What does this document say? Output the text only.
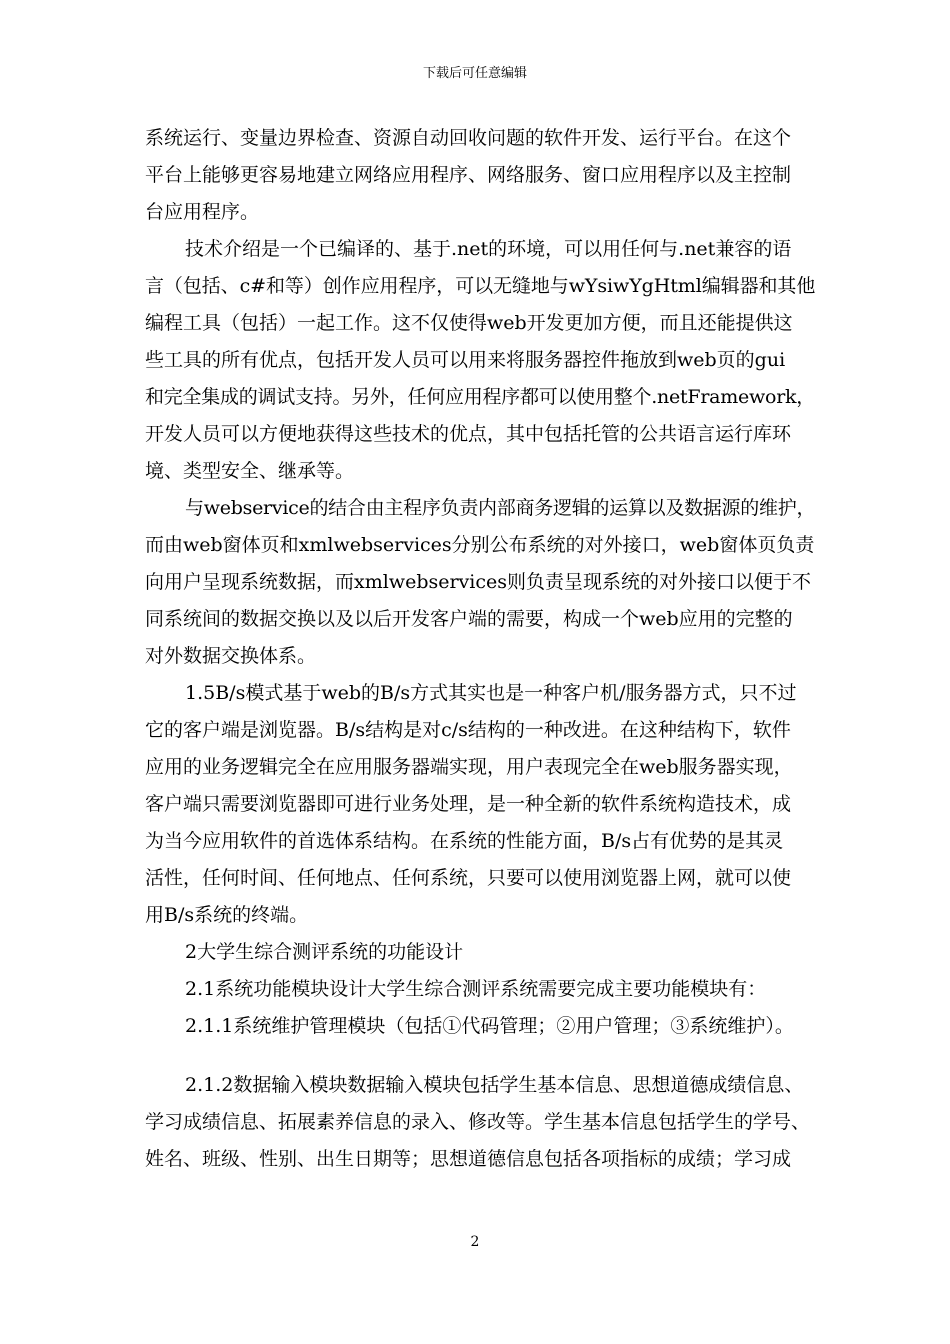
下载后可任意编辑
系统运行、变量边界检查、资源自动回收问题的软件开发、运行平台。在这个
平台上能够更容易地建立网络应用程序、网络服务、窗口应用程序以及主控制
台应用程序。
技术介绍是一个已编译的、基于.net的环境，可以用任何与.net兼容的语
言（包括、c#和等）创作应用程序，可以无缝地与wYsiwYgHtml编辑器和其他
编程工具（包括）一起工作。这不仅使得web开发更加方便，而且还能提供这
些工具的所有优点，包括开发人员可以用来将服务器控件拖放到web页的gui
和完全集成的调试支持。另外，任何应用程序都可以使用整个.netFramework，
开发人员可以方便地获得这些技术的优点，其中包括托管的公共语言运行库环
境、类型安全、继承等。
与webservice的结合由主程序负责内部商务逻辑的运算以及数据源的维护，
而由web窗体页和xmlwebservices分别公布系统的对外接口，web窗体页负责
向用户呈现系统数据，而xmlwebservices则负责呈现系统的对外接口以便于不
同系统间的数据交换以及以后开发客户端的需要，构成一个web应用的完整的
对外数据交换体系。
1.5B/s模式基于web的B/s方式其实也是一种客户机/服务器方式，只不过
它的客户端是浏览器。B/s结构是对c/s结构的一种改进。在这种结构下，软件
应用的业务逻辑完全在应用服务器端实现，用户表现完全在web服务器实现，
客户端只需要浏览器即可进行业务处理，是一种全新的软件系统构造技术，成
为当今应用软件的首选体系结构。在系统的性能方面，B/s占有优势的是其灵
活性，任何时间、任何地点、任何系统，只要可以使用浏览器上网，就可以使
用B/s系统的终端。
2大学生综合测评系统的功能设计
2.1系统功能模块设计大学生综合测评系统需要完成主要功能模块有：
2.1.1系统维护管理模块（包括①代码管理；②用户管理；③系统维护）。
2.1.2数据输入模块数据输入模块包括学生基本信息、思想道德成绩信息、
学习成绩信息、拓展素养信息的录入、修改等。学生基本信息包括学生的学号、
姓名、班级、性别、出生日期等；思想道德信息包括各项指标的成绩；学习成
2
